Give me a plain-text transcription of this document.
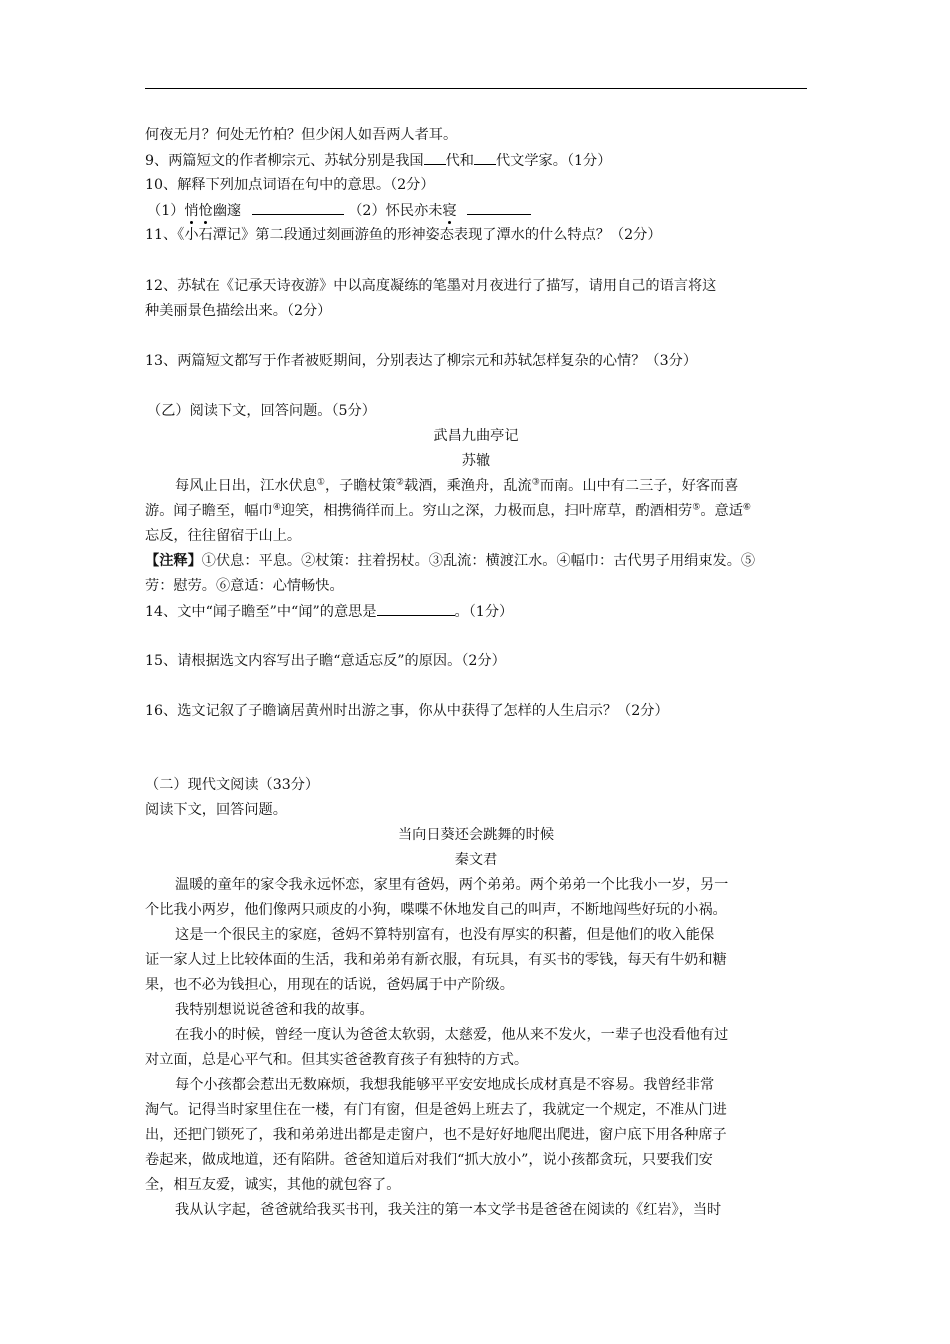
何夜无月？何处无竹柏？但少闲人如吾两人者耳。
9、两篇短文的作者柳宗元、苏轼分别是我国 代和 代文学家。（1分）
10、解释下列加点词语在句中的意思。（2分）
（1）悄怆幽邃	（2）怀民亦未寝
11、《小石潭记》第二段通过刻画游鱼的形神姿态表现了潭水的什么特点？（2分）
12、苏轼在《记承天诗夜游》中以高度凝练的笔墨对月夜进行了描写，请用自己的语言将这
种美丽景色描绘出来。（2分）
13、两篇短文都写于作者被贬期间，分别表达了柳宗元和苏轼怎样复杂的心情？（3分）
（乙）阅读下文，回答问题。（5分）
武昌九曲亭记
苏辙
每风止日出，江水伏息①，子瞻杖策②载酒，乘渔舟，乱流③而南。山中有二三子，好客而喜
游。闻子瞻至，幅巾④迎笑，相携徜徉而上。穷山之深，力极而息，扫叶席草，酌酒相劳⑤。意适⑥
忘反，往往留宿于山上。
【注释】①伏息：平息。②杖策：拄着拐杖。③乱流：横渡江水。④幅巾：古代男子用绢束发。⑤
劳：慰劳。⑥意适：心情畅快。
14、文中“闻子瞻至”中“闻”的意思是	。（1分）
15、请根据选文内容写出子瞻“意适忘反”的原因。（2分）
16、选文记叙了子瞻谪居黄州时出游之事，你从中获得了怎样的人生启示？（2分）
（二）现代文阅读（33分）
阅读下文，回答问题。
当向日葵还会跳舞的时候
秦文君
温暖的童年的家令我永远怀恋，家里有爸妈，两个弟弟。两个弟弟一个比我小一岁，另一
个比我小两岁，他们像两只顽皮的小狗，喋喋不休地发自己的叫声，不断地闯些好玩的小祸。
这是一个很民主的家庭，爸妈不算特别富有，也没有厚实的积蓄，但是他们的收入能保
证一家人过上比较体面的生活，我和弟弟有新衣服，有玩具，有买书的零钱，每天有牛奶和糖
果，也不必为钱担心，用现在的话说，爸妈属于中产阶级。
我特别想说说爸爸和我的故事。
在我小的时候，曾经一度认为爸爸太软弱，太慈爱，他从来不发火，一辈子也没看他有过
对立面，总是心平气和。但其实爸爸教育孩子有独特的方式。
每个小孩都会惹出无数麻烦，我想我能够平平安安地成长成材真是不容易。我曾经非常
淘气。记得当时家里住在一楼，有门有窗，但是爸妈上班去了，我就定一个规定，不准从门进
出，还把门锁死了，我和弟弟进出都是走窗户，也不是好好地爬出爬进，窗户底下用各种席子
卷起来，做成地道，还有陷阱。爸爸知道后对我们“抓大放小”，说小孩都贪玩，只要我们安
全，相互友爱，诚实，其他的就包容了。
我从认字起，爸爸就给我买书刊，我关注的第一本文学书是爸爸在阅读的《红岩》，当时
